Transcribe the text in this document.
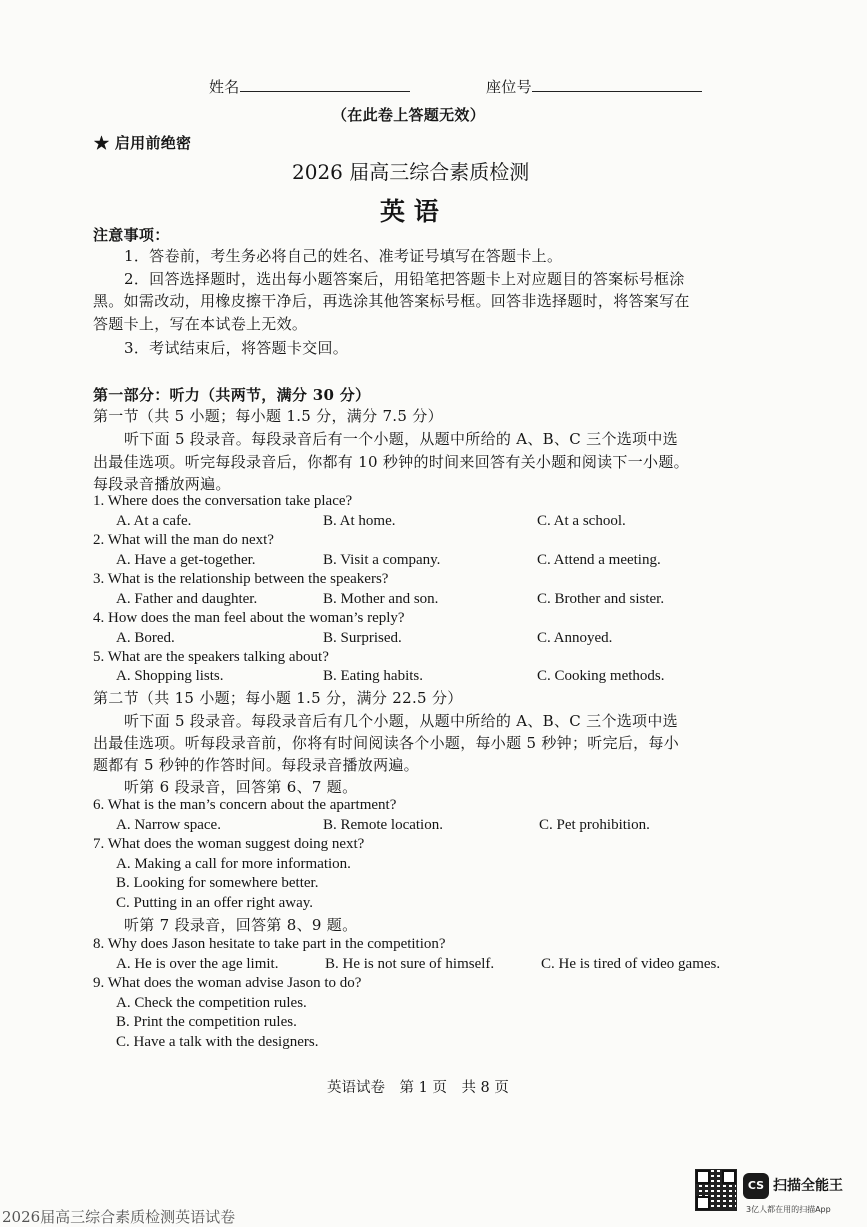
姓名	座位号
（在此卷上答题无效）
★ 启用前绝密
2026 届高三综合素质检测
英 语
注意事项：
1．答卷前，考生务必将自己的姓名、准考证号填写在答题卡上。
2．回答选择题时，选出每小题答案后，用铅笔把答题卡上对应题目的答案标号框涂
黑。如需改动，用橡皮擦干净后，再选涂其他答案标号框。回答非选择题时，将答案写在
答题卡上，写在本试卷上无效。
3．考试结束后，将答题卡交回。
第一部分：听力（共两节，满分 30 分）
第一节（共 5 小题；每小题 1.5 分，满分 7.5 分）
听下面 5 段录音。每段录音后有一个小题，从题中所给的 A、B、C 三个选项中选
出最佳选项。听完每段录音后，你都有 10 秒钟的时间来回答有关小题和阅读下一小题。
每段录音播放两遍。
1. Where does the conversation take place?
A. At a cafe.	B. At home.	C. At a school.
2. What will the man do next?
A. Have a get-together.	B. Visit a company.	C. Attend a meeting.
3. What is the relationship between the speakers?
A. Father and daughter.	B. Mother and son.	C. Brother and sister.
4. How does the man feel about the woman’s reply?
A. Bored.	B. Surprised.	C. Annoyed.
5. What are the speakers talking about?
A. Shopping lists.	B. Eating habits.	C. Cooking methods.
第二节（共 15 小题；每小题 1.5 分，满分 22.5 分）
听下面 5 段录音。每段录音后有几个小题，从题中所给的 A、B、C 三个选项中选
出最佳选项。听每段录音前，你将有时间阅读各个小题，每小题 5 秒钟；听完后，每小
题都有 5 秒钟的作答时间。每段录音播放两遍。
听第 6 段录音，回答第 6、7 题。
6. What is the man’s concern about the apartment?
A. Narrow space.	B. Remote location.	C. Pet prohibition.
7. What does the woman suggest doing next?
A. Making a call for more information.
B. Looking for somewhere better.
C. Putting in an offer right away.
听第 7 段录音，回答第 8、9 题。
8. Why does Jason hesitate to take part in the competition?
A. He is over the age limit.	B. He is not sure of himself.	C. He is tired of video games.
9. What does the woman advise Jason to do?
A. Check the competition rules.
B. Print the competition rules.
C. Have a talk with the designers.
英语试卷　第 1 页　共 8 页
CS 扫描全能王
3亿人都在用的扫描App
2026届高三综合素质检测英语试卷
